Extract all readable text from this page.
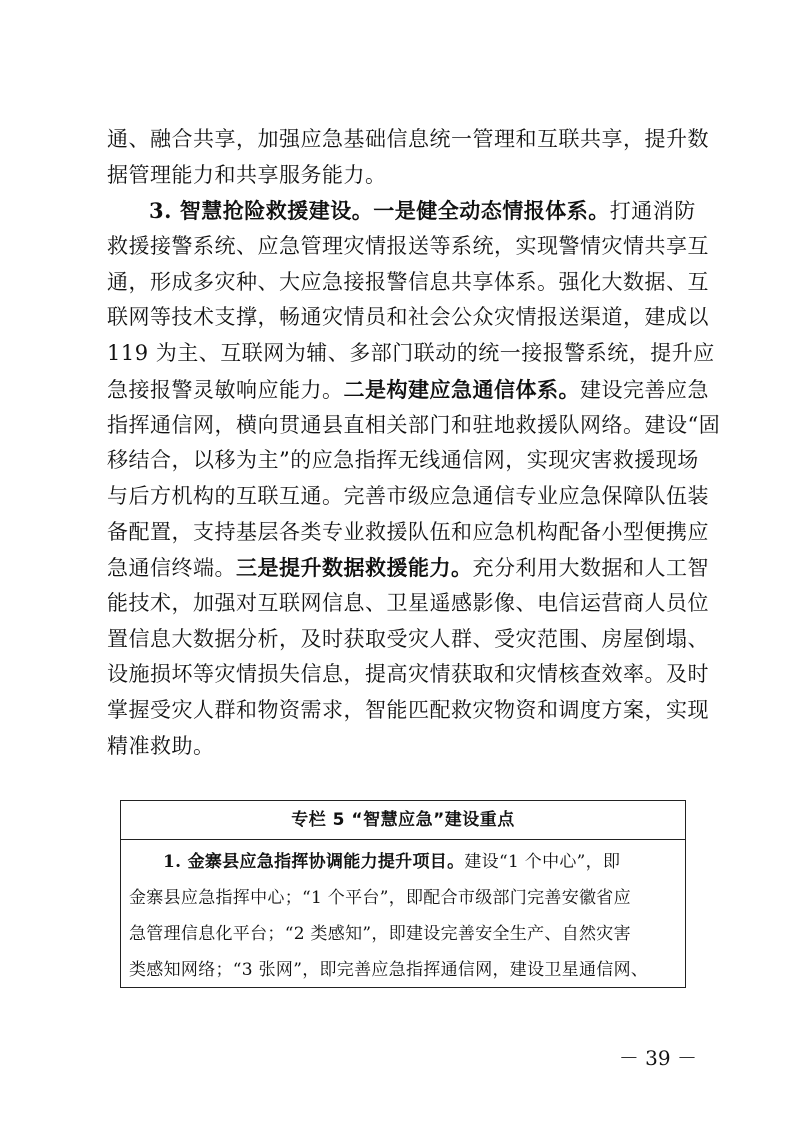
通、融合共享，加强应急基础信息统一管理和互联共享，提升数
据管理能力和共享服务能力。
3. 智慧抢险救援建设。一是健全动态情报体系。打通消防
救援接警系统、应急管理灾情报送等系统，实现警情灾情共享互
通，形成多灾种、大应急接报警信息共享体系。强化大数据、互
联网等技术支撑，畅通灾情员和社会公众灾情报送渠道，建成以
119 为主、互联网为辅、多部门联动的统一接报警系统，提升应
急接报警灵敏响应能力。二是构建应急通信体系。建设完善应急
指挥通信网，横向贯通县直相关部门和驻地救援队网络。建设“固
移结合，以移为主”的应急指挥无线通信网，实现灾害救援现场
与后方机构的互联互通。完善市级应急通信专业应急保障队伍装
备配置，支持基层各类专业救援队伍和应急机构配备小型便携应
急通信终端。三是提升数据救援能力。充分利用大数据和人工智
能技术，加强对互联网信息、卫星遥感影像、电信运营商人员位
置信息大数据分析，及时获取受灾人群、受灾范围、房屋倒塌、
设施损坏等灾情损失信息，提高灾情获取和灾情核查效率。及时
掌握受灾人群和物资需求，智能匹配救灾物资和调度方案，实现
精准救助。
专栏 5 “智慧应急”建设重点
1. 金寨县应急指挥协调能力提升项目。建设“1 个中心”，即
金寨县应急指挥中心；“1 个平台”，即配合市级部门完善安徽省应
急管理信息化平台；“2 类感知”，即建设完善安全生产、自然灾害
类感知网络；“3 张网”，即完善应急指挥通信网，建设卫星通信网、
－ 39 －
